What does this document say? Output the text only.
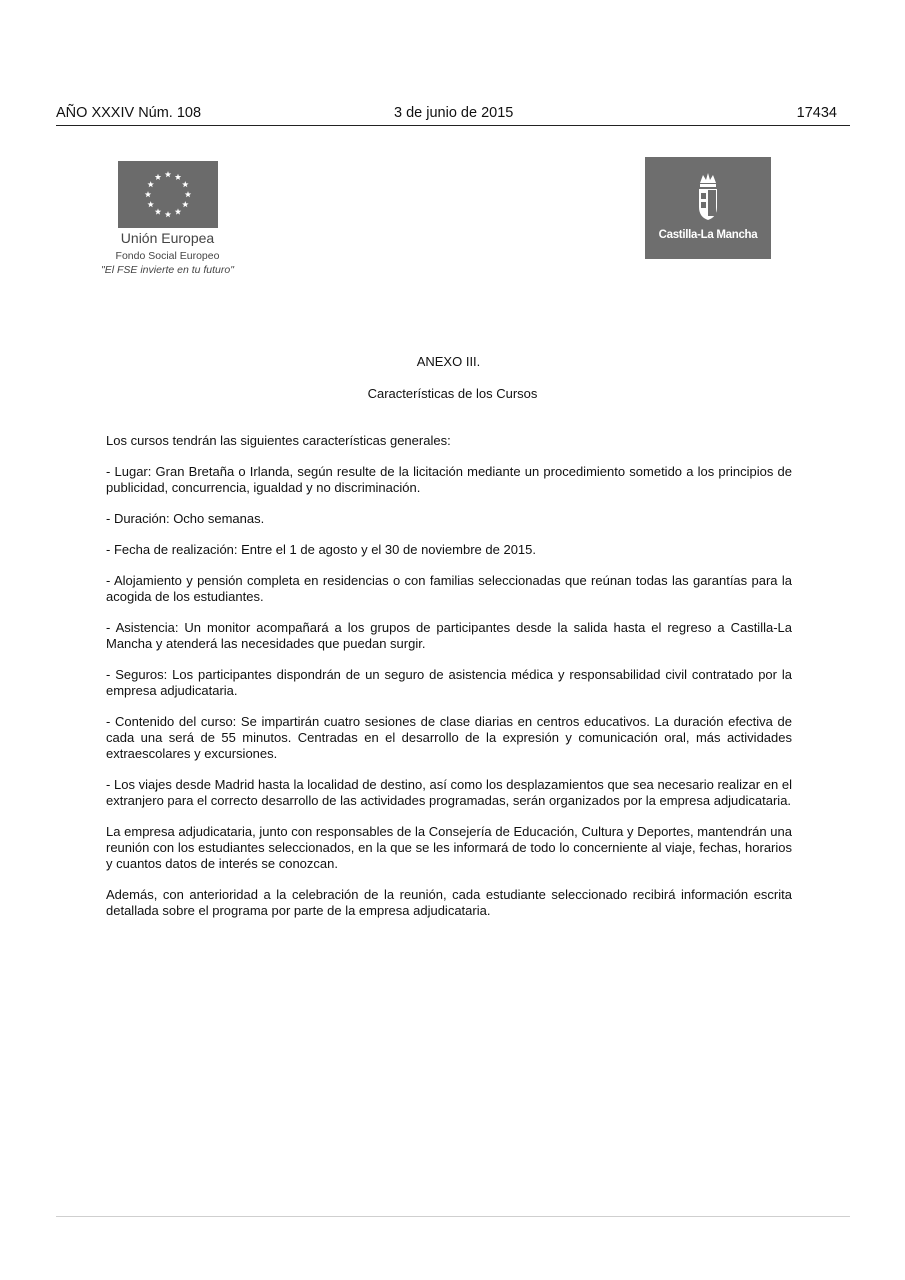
AÑO XXXIV Núm. 108	3 de junio de 2015	17434
Unión Europea
Fondo Social Europeo
"El FSE invierte en tu futuro"
Castilla-La Mancha
ANEXO III.
Características de los Cursos

Los cursos tendrán las siguientes características generales:

- Lugar: Gran Bretaña o Irlanda, según resulte de la licitación mediante un procedimiento sometido a los principios de publicidad, concurrencia, igualdad y no discriminación.

- Duración: Ocho semanas.

- Fecha de realización: Entre el 1 de agosto y el 30 de noviembre de 2015.

- Alojamiento y pensión completa en residencias o con familias seleccionadas que reúnan todas las garantías para la acogida de los estudiantes.

- Asistencia: Un monitor acompañará a los grupos de participantes desde la salida hasta el regreso a Castilla-La Mancha y atenderá las necesidades que puedan surgir.

- Seguros: Los participantes dispondrán de un seguro de asistencia médica y responsabilidad civil contratado por la empresa adjudicataria.

- Contenido del curso: Se impartirán cuatro sesiones de clase diarias en centros educativos. La duración efectiva de cada una será de 55 minutos. Centradas en el desarrollo de la expresión y comunicación oral, más actividades extraescolares y excursiones.

- Los viajes desde Madrid hasta la localidad de destino, así como los desplazamientos que sea necesario realizar en el extranjero para el correcto desarrollo de las actividades programadas, serán organizados por la empresa adjudicataria.

La empresa adjudicataria, junto con responsables de la Consejería de Educación, Cultura y Deportes, mantendrán una reunión con los estudiantes seleccionados, en la que se les informará de todo lo concerniente al viaje, fechas, horarios y cuantos datos de interés se conozcan.

Además, con anterioridad a la celebración de la reunión, cada estudiante seleccionado recibirá información escrita detallada sobre el programa por parte de la empresa adjudicataria.
